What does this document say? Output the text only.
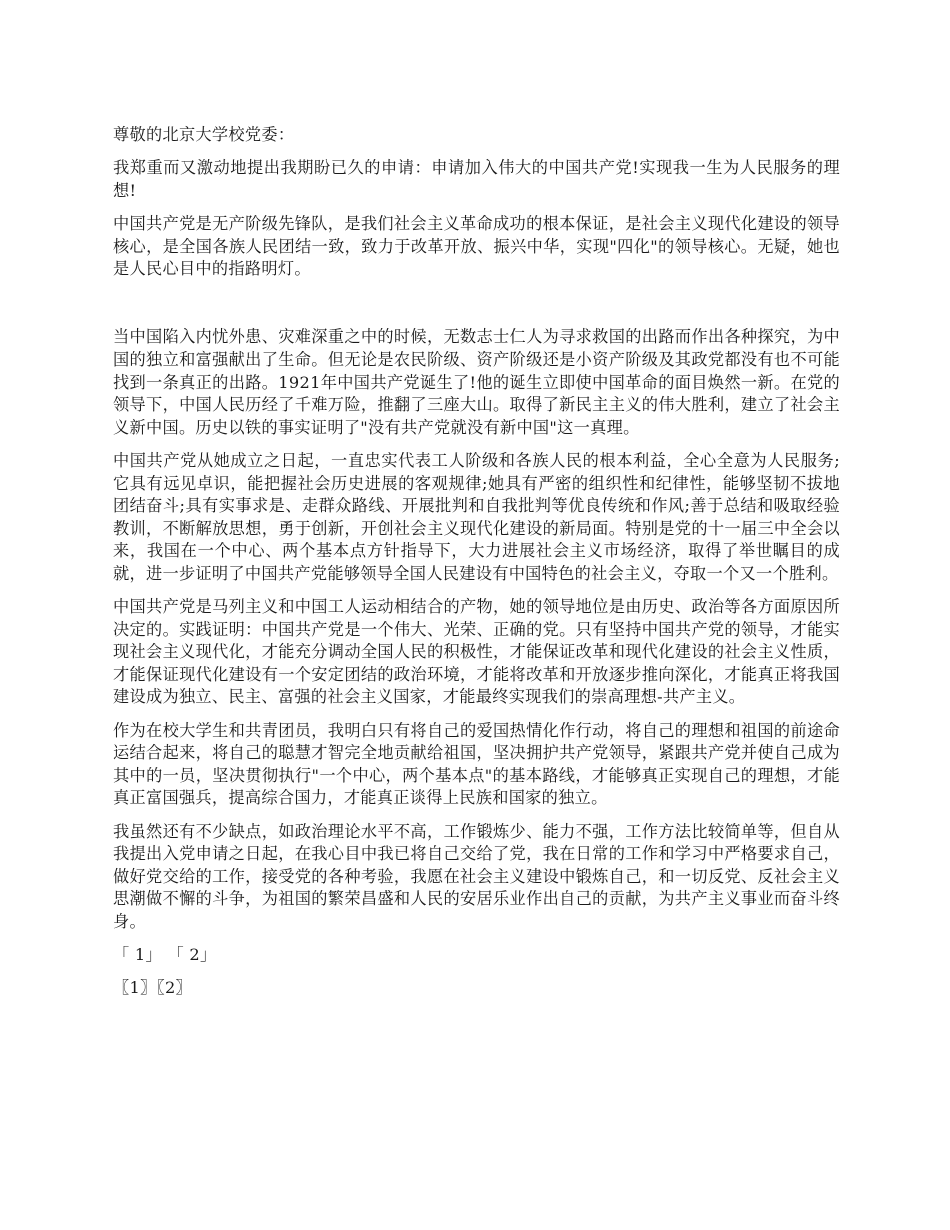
尊敬的北京大学校党委：

我郑重而又激动地提出我期盼已久的申请：申请加入伟大的中国共产党!实现我一生为人民服务的理想!

中国共产党是无产阶级先锋队，是我们社会主义革命成功的根本保证，是社会主义现代化建设的领导核心，是全国各族人民团结一致，致力于改革开放、振兴中华，实现"四化"的领导核心。无疑，她也是人民心目中的指路明灯。

当中国陷入内忧外患、灾难深重之中的时候，无数志士仁人为寻求救国的出路而作出各种探究，为中国的独立和富强献出了生命。但无论是农民阶级、资产阶级还是小资产阶级及其政党都没有也不可能找到一条真正的出路。1921年中国共产党诞生了!他的诞生立即使中国革命的面目焕然一新。在党的领导下，中国人民历经了千难万险，推翻了三座大山。取得了新民主主义的伟大胜利，建立了社会主义新中国。历史以铁的事实证明了"没有共产党就没有新中国"这一真理。

中国共产党从她成立之日起，一直忠实代表工人阶级和各族人民的根本利益，全心全意为人民服务;它具有远见卓识，能把握社会历史进展的客观规律;她具有严密的组织性和纪律性，能够坚韧不拔地团结奋斗;具有实事求是、走群众路线、开展批判和自我批判等优良传统和作风;善于总结和吸取经验教训，不断解放思想，勇于创新，开创社会主义现代化建设的新局面。特别是党的十一届三中全会以来，我国在一个中心、两个基本点方针指导下，大力进展社会主义市场经济，取得了举世瞩目的成就，进一步证明了中国共产党能够领导全国人民建设有中国特色的社会主义，夺取一个又一个胜利。

中国共产党是马列主义和中国工人运动相结合的产物，她的领导地位是由历史、政治等各方面原因所决定的。实践证明：中国共产党是一个伟大、光荣、正确的党。只有坚持中国共产党的领导，才能实现社会主义现代化，才能充分调动全国人民的积极性，才能保证改革和现代化建设的社会主义性质，才能保证现代化建设有一个安定团结的政治环境，才能将改革和开放逐步推向深化，才能真正将我国建设成为独立、民主、富强的社会主义国家，才能最终实现我们的崇高理想-共产主义。

作为在校大学生和共青团员，我明白只有将自己的爱国热情化作行动，将自己的理想和祖国的前途命运结合起来，将自己的聪慧才智完全地贡献给祖国，坚决拥护共产党领导，紧跟共产党并使自己成为其中的一员，坚决贯彻执行"一个中心，两个基本点"的基本路线，才能够真正实现自己的理想，才能真正富国强兵，提高综合国力，才能真正谈得上民族和国家的独立。

我虽然还有不少缺点，如政治理论水平不高，工作锻炼少、能力不强，工作方法比较简单等，但自从我提出入党申请之日起，在我心目中我已将自己交给了党，我在日常的工作和学习中严格要求自己，做好党交给的工作，接受党的各种考验，我愿在社会主义建设中锻炼自己，和一切反党、反社会主义思潮做不懈的斗争，为祖国的繁荣昌盛和人民的安居乐业作出自己的贡献，为共产主义事业而奋斗终身。

「 1」 「 2」

〖1〗〖2〗
